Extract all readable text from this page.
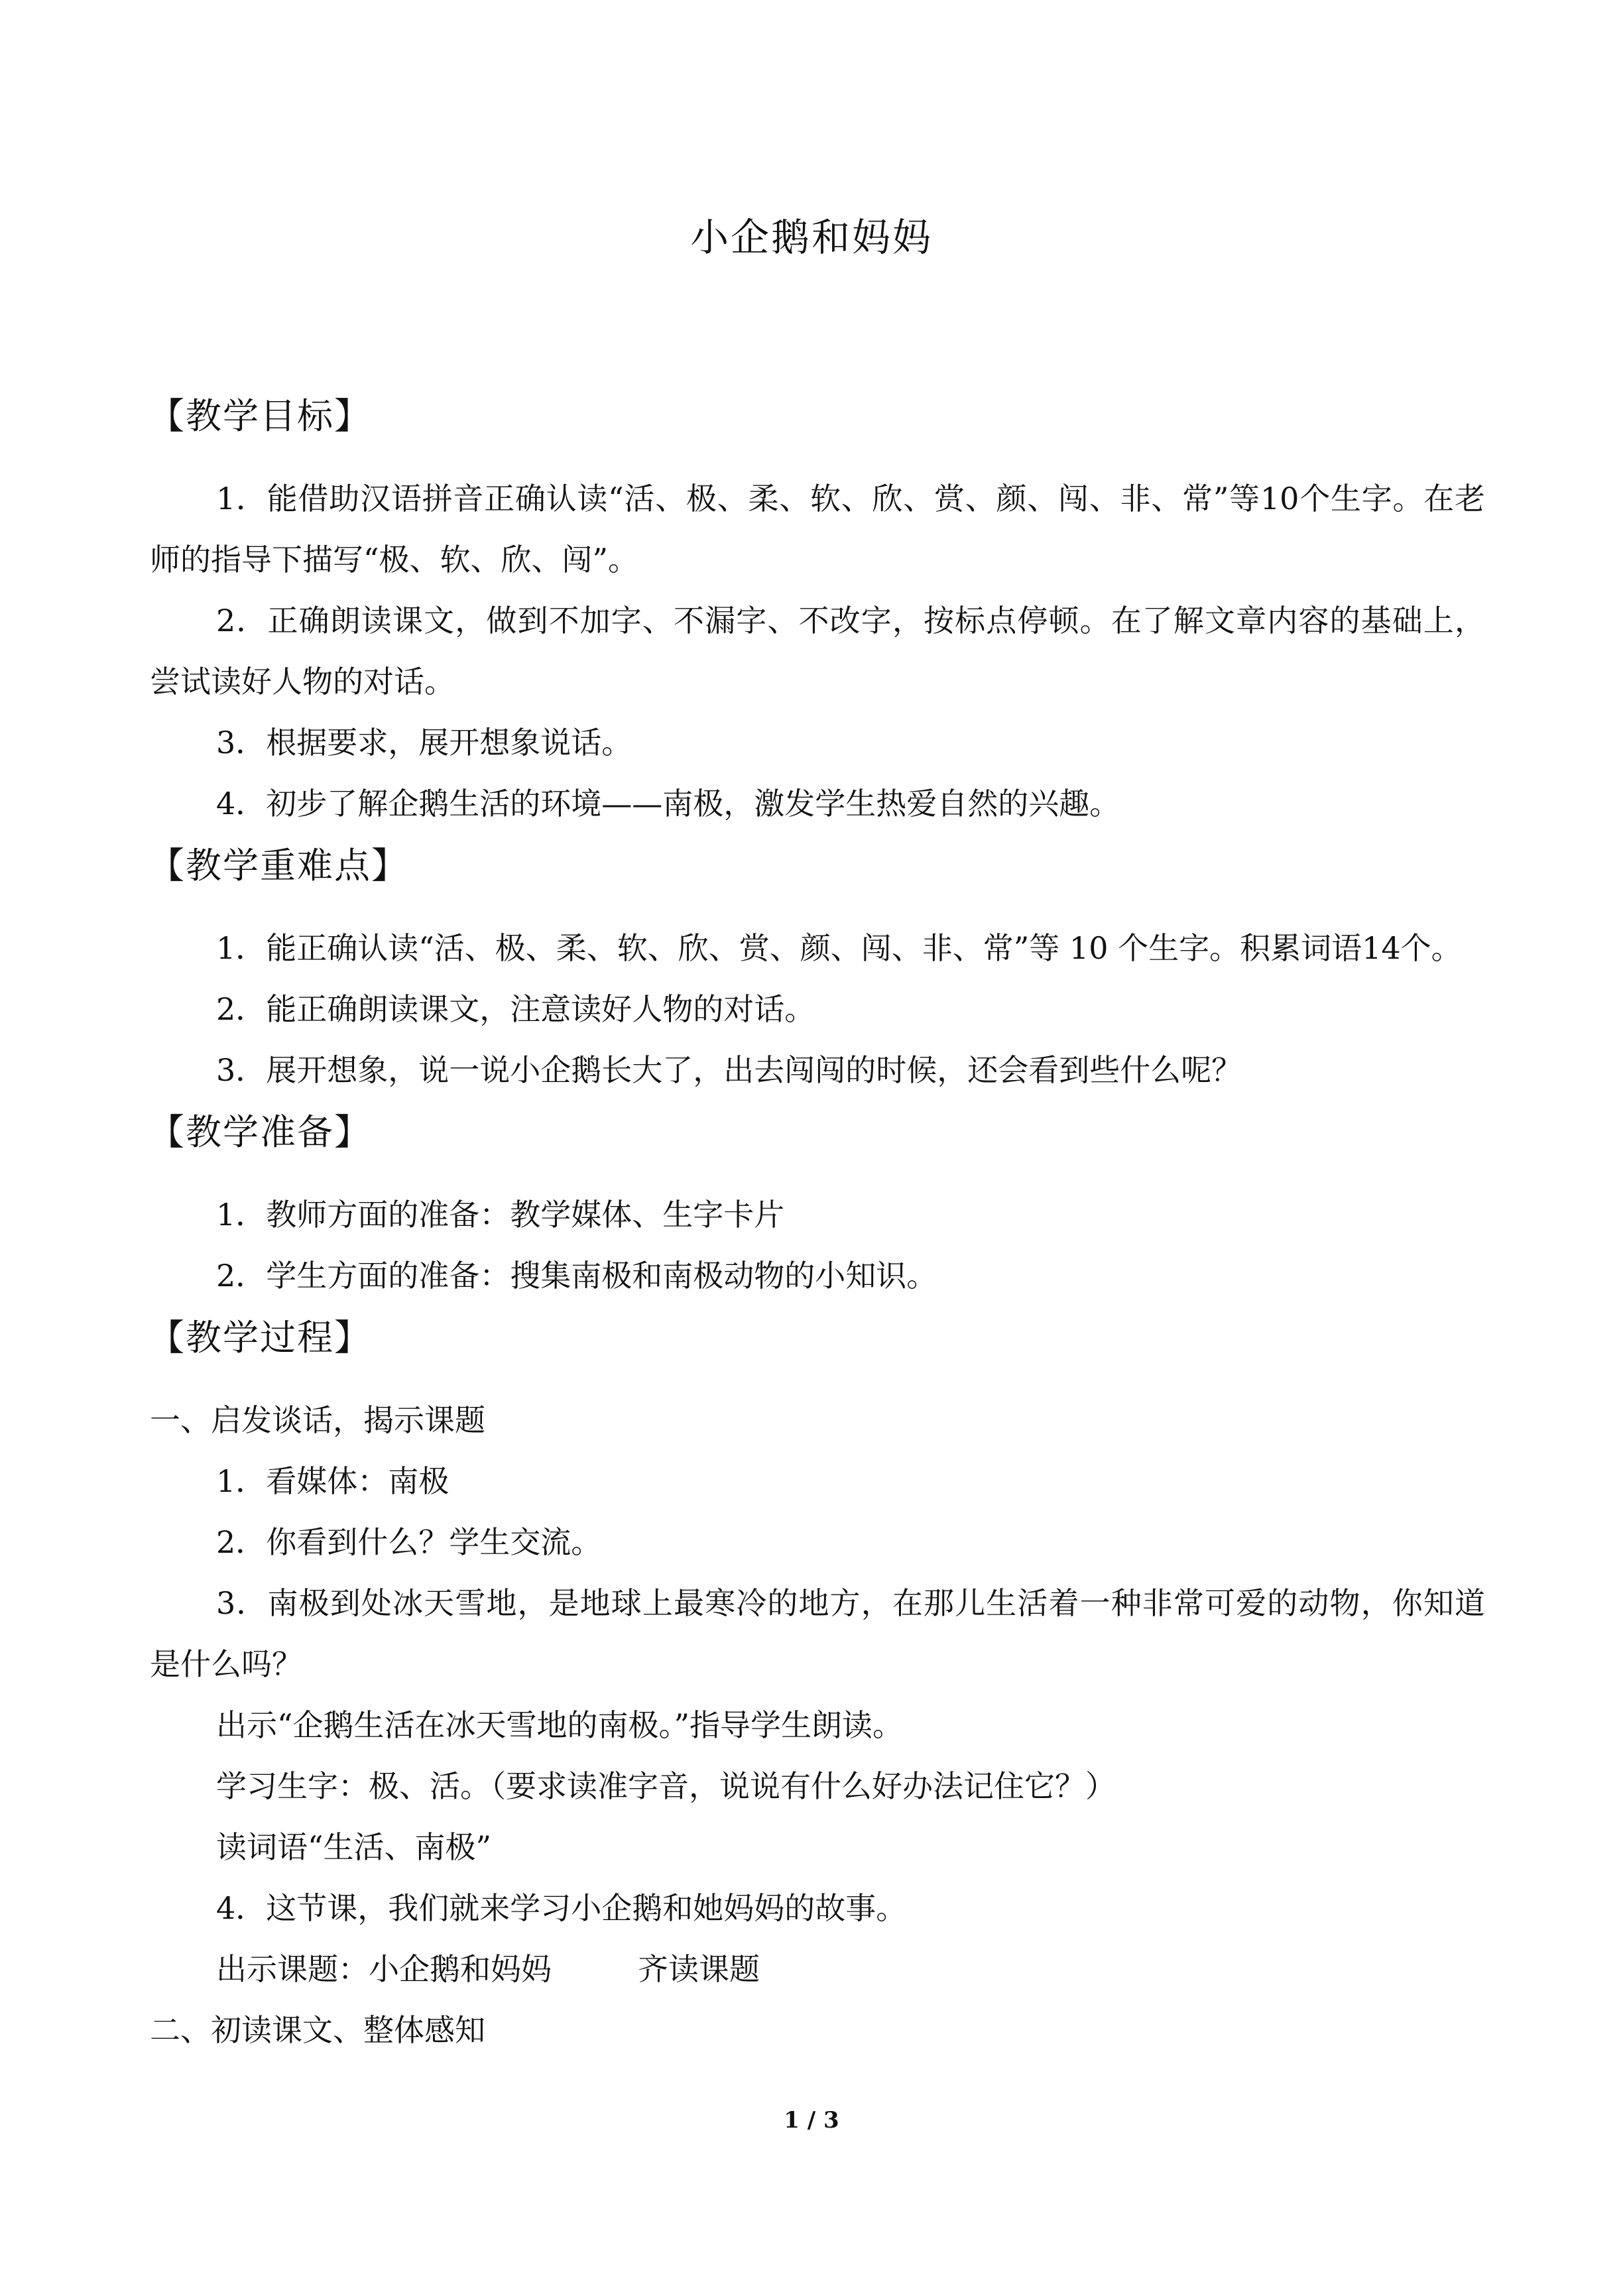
小企鹅和妈妈
【教学目标】

1．能借助汉语拼音正确认读“活、极、柔、软、欣、赏、颜、闯、非、常”等10个生字。在老师的指导下描写“极、软、欣、闯”。

2．正确朗读课文，做到不加字、不漏字、不改字，按标点停顿。在了解文章内容的基础上，尝试读好人物的对话。

3．根据要求，展开想象说话。

4．初步了解企鹅生活的环境——南极，激发学生热爱自然的兴趣。

【教学重难点】

1．能正确认读“活、极、柔、软、欣、赏、颜、闯、非、常”等 10 个生字。积累词语14个。

2．能正确朗读课文，注意读好人物的对话。

3．展开想象，说一说小企鹅长大了，出去闯闯的时候，还会看到些什么呢？

【教学准备】

1．教师方面的准备：教学媒体、生字卡片

2．学生方面的准备：搜集南极和南极动物的小知识。

【教学过程】

一、启发谈话，揭示课题

1．看媒体：南极

2．你看到什么？学生交流。

3．南极到处冰天雪地，是地球上最寒冷的地方，在那儿生活着一种非常可爱的动物，你知道是什么吗？

出示“企鹅生活在冰天雪地的南极。”指导学生朗读。

学习生字：极、活。（要求读准字音，说说有什么好办法记住它？）

读词语“生活、南极”

4．这节课，我们就来学习小企鹅和她妈妈的故事。

出示课题：小企鹅和妈妈	齐读课题

二、初读课文、整体感知

1 / 3
